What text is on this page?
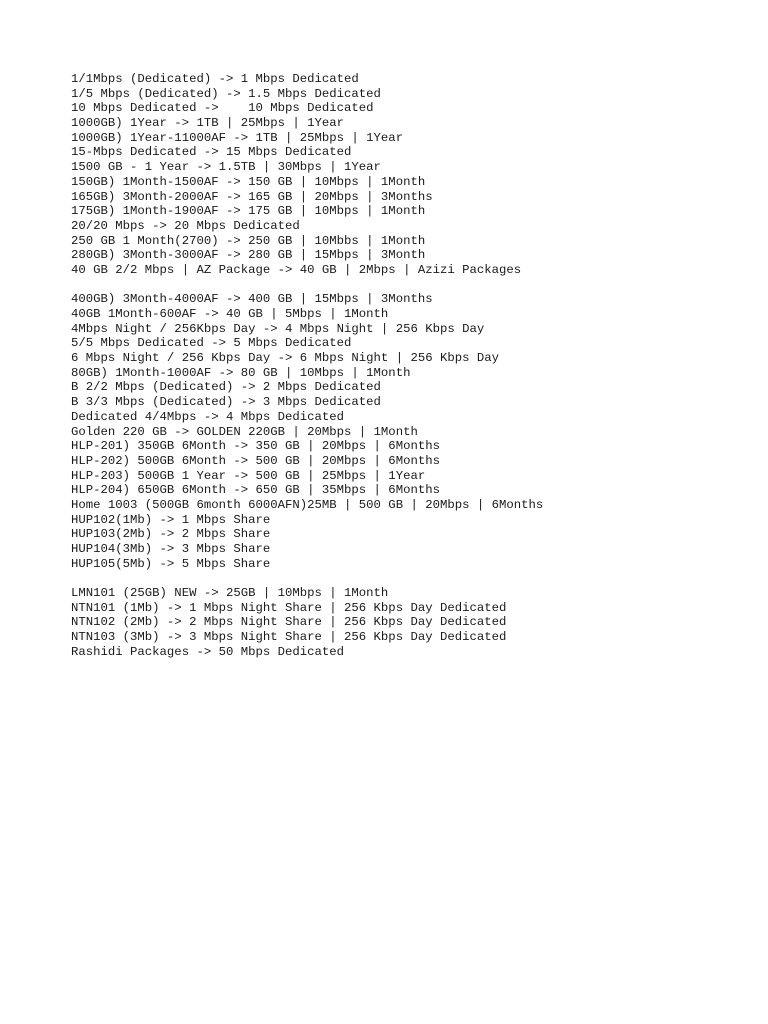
1/1Mbps (Dedicated) -> 1 Mbps Dedicated
1/5 Mbps (Dedicated) -> 1.5 Mbps Dedicated
10 Mbps Dedicated ->    10 Mbps Dedicated
1000GB) 1Year -> 1TB | 25Mbps | 1Year
1000GB) 1Year-11000AF -> 1TB | 25Mbps | 1Year
15-Mbps Dedicated -> 15 Mbps Dedicated
1500 GB - 1 Year -> 1.5TB | 30Mbps | 1Year
150GB) 1Month-1500AF -> 150 GB | 10Mbps | 1Month
165GB) 3Month-2000AF -> 165 GB | 20Mbps | 3Months
175GB) 1Month-1900AF -> 175 GB | 10Mbps | 1Month
20/20 Mbps -> 20 Mbps Dedicated
250 GB 1 Month(2700) -> 250 GB | 10Mbbs | 1Month
280GB) 3Month-3000AF -> 280 GB | 15Mbps | 3Month
40 GB 2/2 Mbps | AZ Package -> 40 GB | 2Mbps | Azizi Packages
400GB) 3Month-4000AF -> 400 GB | 15Mbps | 3Months
40GB 1Month-600AF -> 40 GB | 5Mbps | 1Month
4Mbps Night / 256Kbps Day -> 4 Mbps Night | 256 Kbps Day
5/5 Mbps Dedicated -> 5 Mbps Dedicated
6 Mbps Night / 256 Kbps Day -> 6 Mbps Night | 256 Kbps Day
80GB) 1Month-1000AF -> 80 GB | 10Mbps | 1Month
B 2/2 Mbps (Dedicated) -> 2 Mbps Dedicated
B 3/3 Mbps (Dedicated) -> 3 Mbps Dedicated
Dedicated 4/4Mbps -> 4 Mbps Dedicated
Golden 220 GB -> GOLDEN 220GB | 20Mbps | 1Month
HLP-201) 350GB 6Month -> 350 GB | 20Mbps | 6Months
HLP-202) 500GB 6Month -> 500 GB | 20Mbps | 6Months
HLP-203) 500GB 1 Year -> 500 GB | 25Mbps | 1Year
HLP-204) 650GB 6Month -> 650 GB | 35Mbps | 6Months
Home 1003 (500GB 6month 6000AFN)25MB | 500 GB | 20Mbps | 6Months
HUP102(1Mb) -> 1 Mbps Share
HUP103(2Mb) -> 2 Mbps Share
HUP104(3Mb) -> 3 Mbps Share
HUP105(5Mb) -> 5 Mbps Share
LMN101 (25GB) NEW -> 25GB | 10Mbps | 1Month
NTN101 (1Mb) -> 1 Mbps Night Share | 256 Kbps Day Dedicated
NTN102 (2Mb) -> 2 Mbps Night Share | 256 Kbps Day Dedicated
NTN103 (3Mb) -> 3 Mbps Night Share | 256 Kbps Day Dedicated
Rashidi Packages -> 50 Mbps Dedicated
